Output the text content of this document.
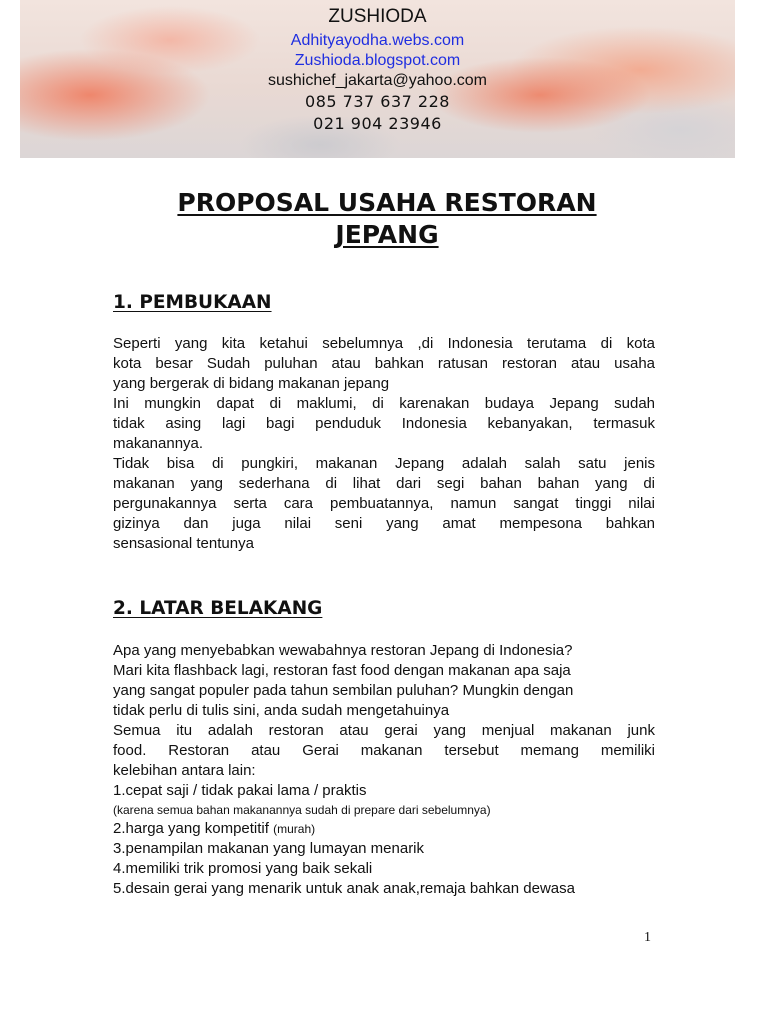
ZUSHIODA
Adhityayodha.webs.com
Zushioda.blogspot.com
sushichef_jakarta@yahoo.com
085 737 637 228
021 904 23946
PROPOSAL USAHA RESTORAN
JEPANG
1. PEMBUKAAN
Seperti yang kita ketahui sebelumnya ,di Indonesia terutama di kota
kota besar Sudah puluhan atau bahkan ratusan restoran atau usaha
yang bergerak di bidang makanan jepang
Ini mungkin dapat di maklumi, di karenakan budaya Jepang sudah
tidak asing lagi bagi penduduk Indonesia kebanyakan, termasuk
makanannya.
Tidak bisa di pungkiri, makanan Jepang adalah salah satu jenis
makanan yang sederhana di lihat dari segi bahan bahan yang di
pergunakannya serta cara pembuatannya, namun sangat tinggi nilai
gizinya dan juga nilai seni yang amat mempesona bahkan
sensasional tentunya
2. LATAR BELAKANG
Apa yang menyebabkan wewabahnya restoran Jepang di Indonesia?
Mari kita flashback lagi, restoran fast food dengan makanan apa saja
yang sangat populer pada tahun sembilan puluhan? Mungkin dengan
tidak perlu di tulis sini, anda sudah mengetahuinya
Semua itu adalah restoran atau gerai yang menjual makanan junk
food. Restoran atau Gerai makanan tersebut memang memiliki
kelebihan antara lain:
1.cepat saji / tidak pakai lama / praktis
(karena semua bahan makanannya sudah di prepare dari sebelumnya)
2.harga yang kompetitif (murah)
3.penampilan makanan yang lumayan menarik
4.memiliki trik promosi yang baik sekali
5.desain gerai yang menarik untuk anak anak,remaja bahkan dewasa
1
